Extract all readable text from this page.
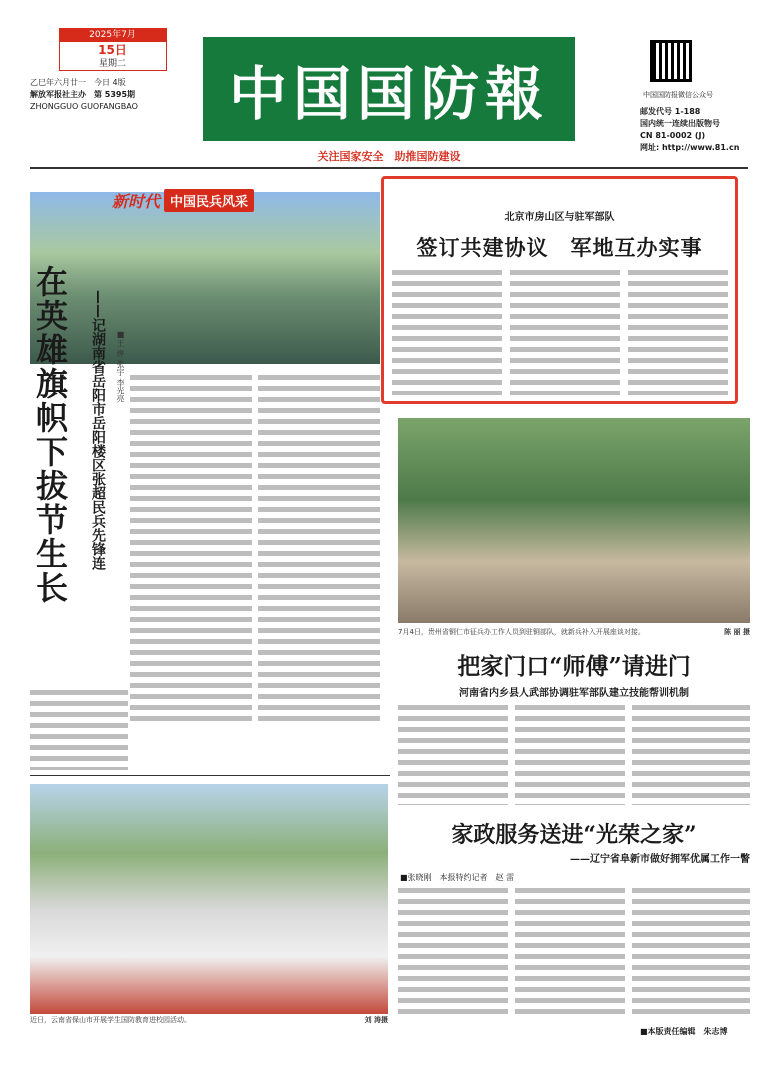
2025年7月
15日
星期二
乙巳年六月廿一　 今日 4版
解放军报社主办　 第 5395期
ZHONGGUO GUOFANGBAO	中国国防報
关注国家安全　助推国防建设
中国国防报微信公众号
邮发代号 1-188
国内统一连续出版物号
CN 81-0002 (J)
网址: http://www.81.cn
新时代 中国民兵风采
在英雄旗帜下拔节生长 ——记湖南省岳阳市岳阳楼区张超民兵先锋连	■王 烨 张宇 李光亮
北京市房山区与驻军部队
签订共建协议　军地互办实事
7月4日，贵州省铜仁市征兵办工作人员到驻铜部队，就新兵补入开展座谈对接。	陈 丽 摄
把家门口“师傅”请进门
河南省内乡县人武部协调驻军部队建立技能帮训机制
近日，云南省保山市开展学生国防教育进校园活动。	刘 涛摄
家政服务送进“光荣之家”
——辽宁省阜新市做好拥军优属工作一瞥
■张晓刚　本报特约记者　赵 雷
■本版责任编辑　朱志博
